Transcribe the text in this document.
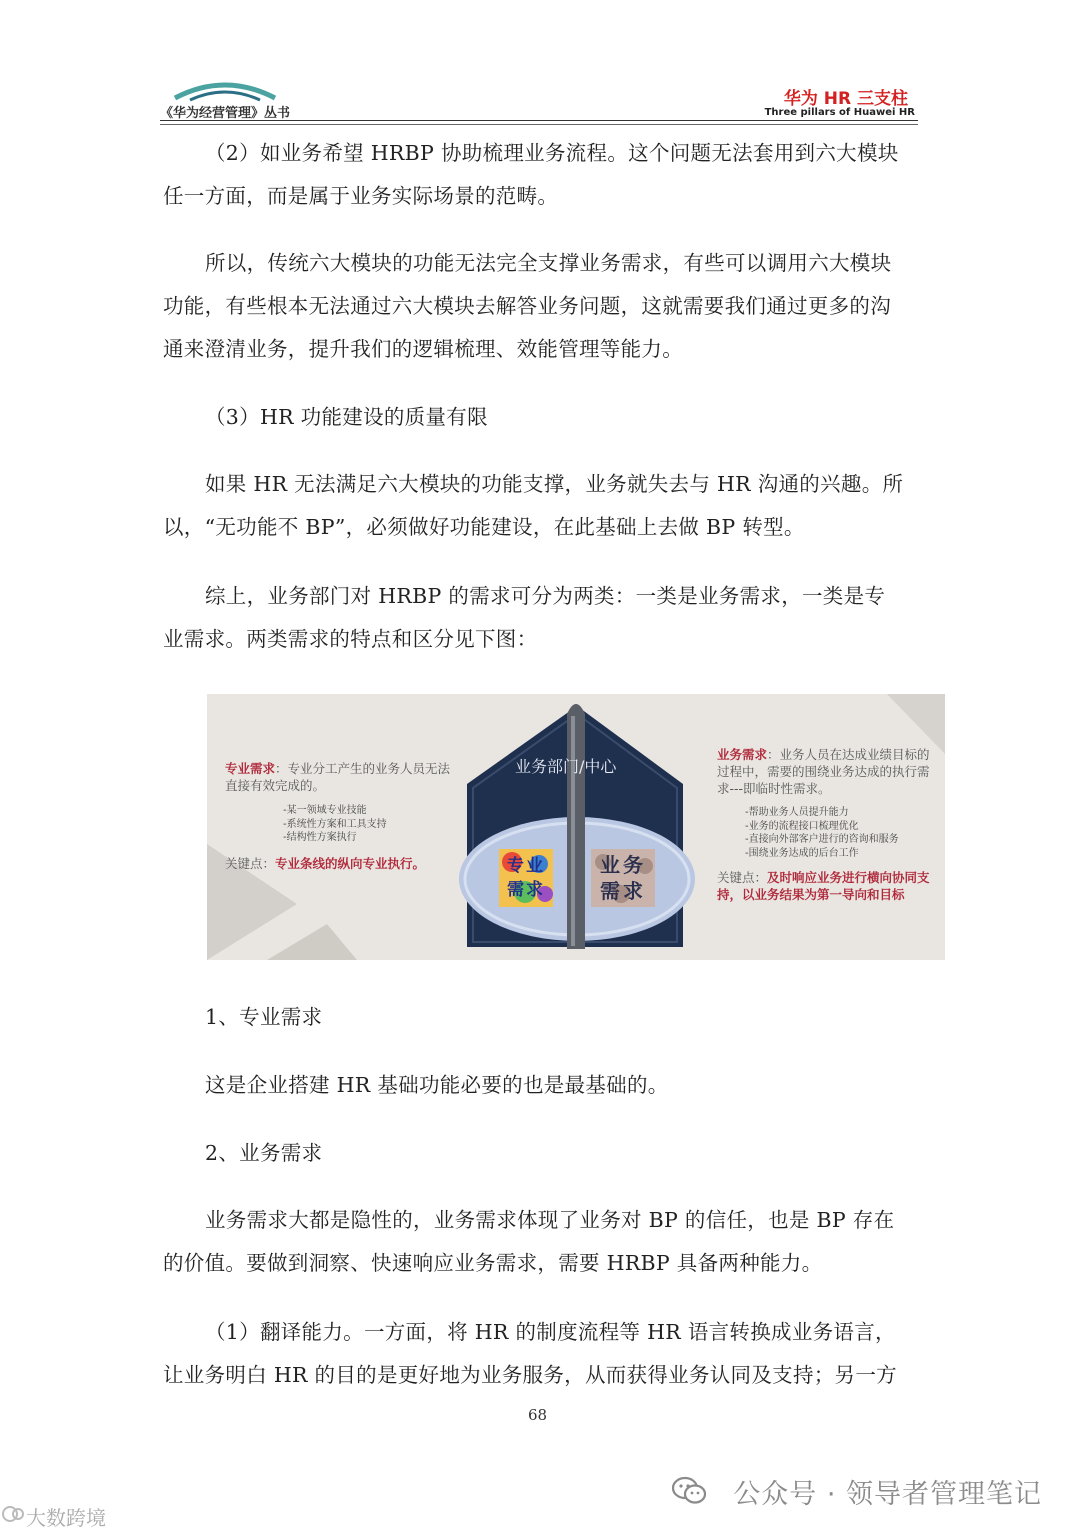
《华为经营管理》丛书
华为 HR 三支柱
Three pillars of Huawei HR

（2）如业务希望 HRBP 协助梳理业务流程。这个问题无法套用到六大模块
任一方面，而是属于业务实际场景的范畴。

所以，传统六大模块的功能无法完全支撑业务需求，有些可以调用六大模块
功能，有些根本无法通过六大模块去解答业务问题，这就需要我们通过更多的沟
通来澄清业务，提升我们的逻辑梳理、效能管理等能力。

（3）HR 功能建设的质量有限

如果 HR 无法满足六大模块的功能支撑，业务就失去与 HR 沟通的兴趣。所
以，“无功能不 BP”，必须做好功能建设，在此基础上去做 BP 转型。

综上，业务部门对 HRBP 的需求可分为两类：一类是业务需求，一类是专
业需求。两类需求的特点和区分见下图：

业务部门/中心
专业需求
业务需求
专业需求：专业分工产生的业务人员无法直接有效完成的。
-某一领域专业技能
-系统性方案和工具支持
-结构性方案执行
关键点：专业条线的纵向专业执行。
业务需求：业务人员在达成业绩目标的过程中，需要的围绕业务达成的执行需求---即临时性需求。
-帮助业务人员提升能力
-业务的流程接口梳理优化
-直接向外部客户进行的咨询和服务
-围绕业务达成的后台工作
关键点：及时响应业务进行横向协同支持，以业务结果为第一导向和目标

1、专业需求

这是企业搭建 HR 基础功能必要的也是最基础的。

2、业务需求

业务需求大都是隐性的，业务需求体现了业务对 BP 的信任，也是 BP 存在
的价值。要做到洞察、快速响应业务需求，需要 HRBP 具备两种能力。

（1）翻译能力。一方面，将 HR 的制度流程等 HR 语言转换成业务语言，
让业务明白 HR 的目的是更好地为业务服务，从而获得业务认同及支持；另一方

68
公众号 · 领导者管理笔记
大数跨境
